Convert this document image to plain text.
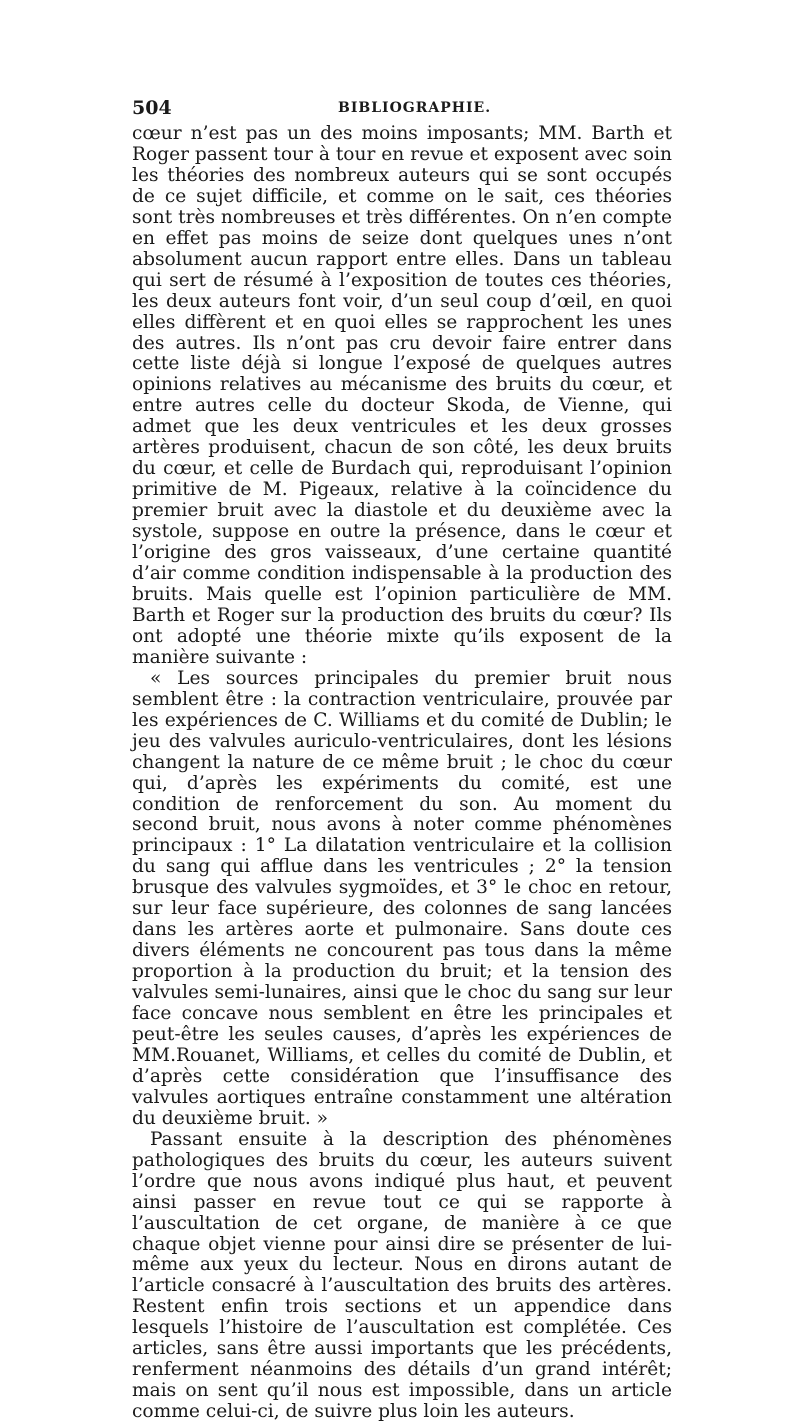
504	BIBLIOGRAPHIE.

cœur n’est pas un des moins imposants; MM. Barth et Roger passent tour à tour en revue et exposent avec soin les théories des nombreux auteurs qui se sont occupés de ce sujet difficile, et comme on le sait, ces théories sont très nombreuses et très différentes. On n’en compte en effet pas moins de seize dont quelques unes n’ont absolument aucun rapport entre elles. Dans un tableau qui sert de résumé à l’exposition de toutes ces théories, les deux auteurs font voir, d’un seul coup d’œil, en quoi elles diffèrent et en quoi elles se rapprochent les unes des autres. Ils n’ont pas cru devoir faire entrer dans cette liste déjà si longue l’exposé de quelques autres opinions relatives au mécanisme des bruits du cœur, et entre autres celle du docteur Skoda, de Vienne, qui admet que les deux ventricules et les deux grosses artères produisent, chacun de son côté, les deux bruits du cœur, et celle de Burdach qui, reproduisant l’opinion primitive de M. Pigeaux, relative à la coïncidence du premier bruit avec la diastole et du deuxième avec la systole, suppose en outre la présence, dans le cœur et l’origine des gros vaisseaux, d’une certaine quantité d’air comme condition indispensable à la production des bruits. Mais quelle est l’opinion particulière de MM. Barth et Roger sur la production des bruits du cœur? Ils ont adopté une théorie mixte qu’ils exposent de la manière suivante :

« Les sources principales du premier bruit nous semblent être : la contraction ventriculaire, prouvée par les expériences de C. Williams et du comité de Dublin; le jeu des valvules auriculo-ventriculaires, dont les lésions changent la nature de ce même bruit ; le choc du cœur qui, d’après les expériments du comité, est une condition de renforcement du son. Au moment du second bruit, nous avons à noter comme phénomènes principaux : 1° La dilatation ventriculaire et la collision du sang qui afflue dans les ventricules ; 2° la tension brusque des valvules sygmoïdes, et 3° le choc en retour, sur leur face supérieure, des colonnes de sang lancées dans les artères aorte et pulmonaire. Sans doute ces divers éléments ne concourent pas tous dans la même proportion à la production du bruit; et la tension des valvules semi-lunaires, ainsi que le choc du sang sur leur face concave nous semblent en être les principales et peut-être les seules causes, d’après les expériences de MM.Rouanet, Williams, et celles du comité de Dublin, et d’après cette considération que l’insuffisance des valvules aortiques entraîne constamment une altération du deuxième bruit. »

Passant ensuite à la description des phénomènes pathologiques des bruits du cœur, les auteurs suivent l’ordre que nous avons indiqué plus haut, et peuvent ainsi passer en revue tout ce qui se rapporte à l’auscultation de cet organe, de manière à ce que chaque objet vienne pour ainsi dire se présenter de lui-même aux yeux du lecteur. Nous en dirons autant de l’article consacré à l’auscultation des bruits des artères. Restent enfin trois sections et un appendice dans lesquels l’histoire de l’auscultation est complétée. Ces articles, sans être aussi importants que les précédents, renferment néanmoins des détails d’un grand intérêt; mais on sent qu’il nous est impossible, dans un article comme celui-ci, de suivre plus loin les auteurs.
